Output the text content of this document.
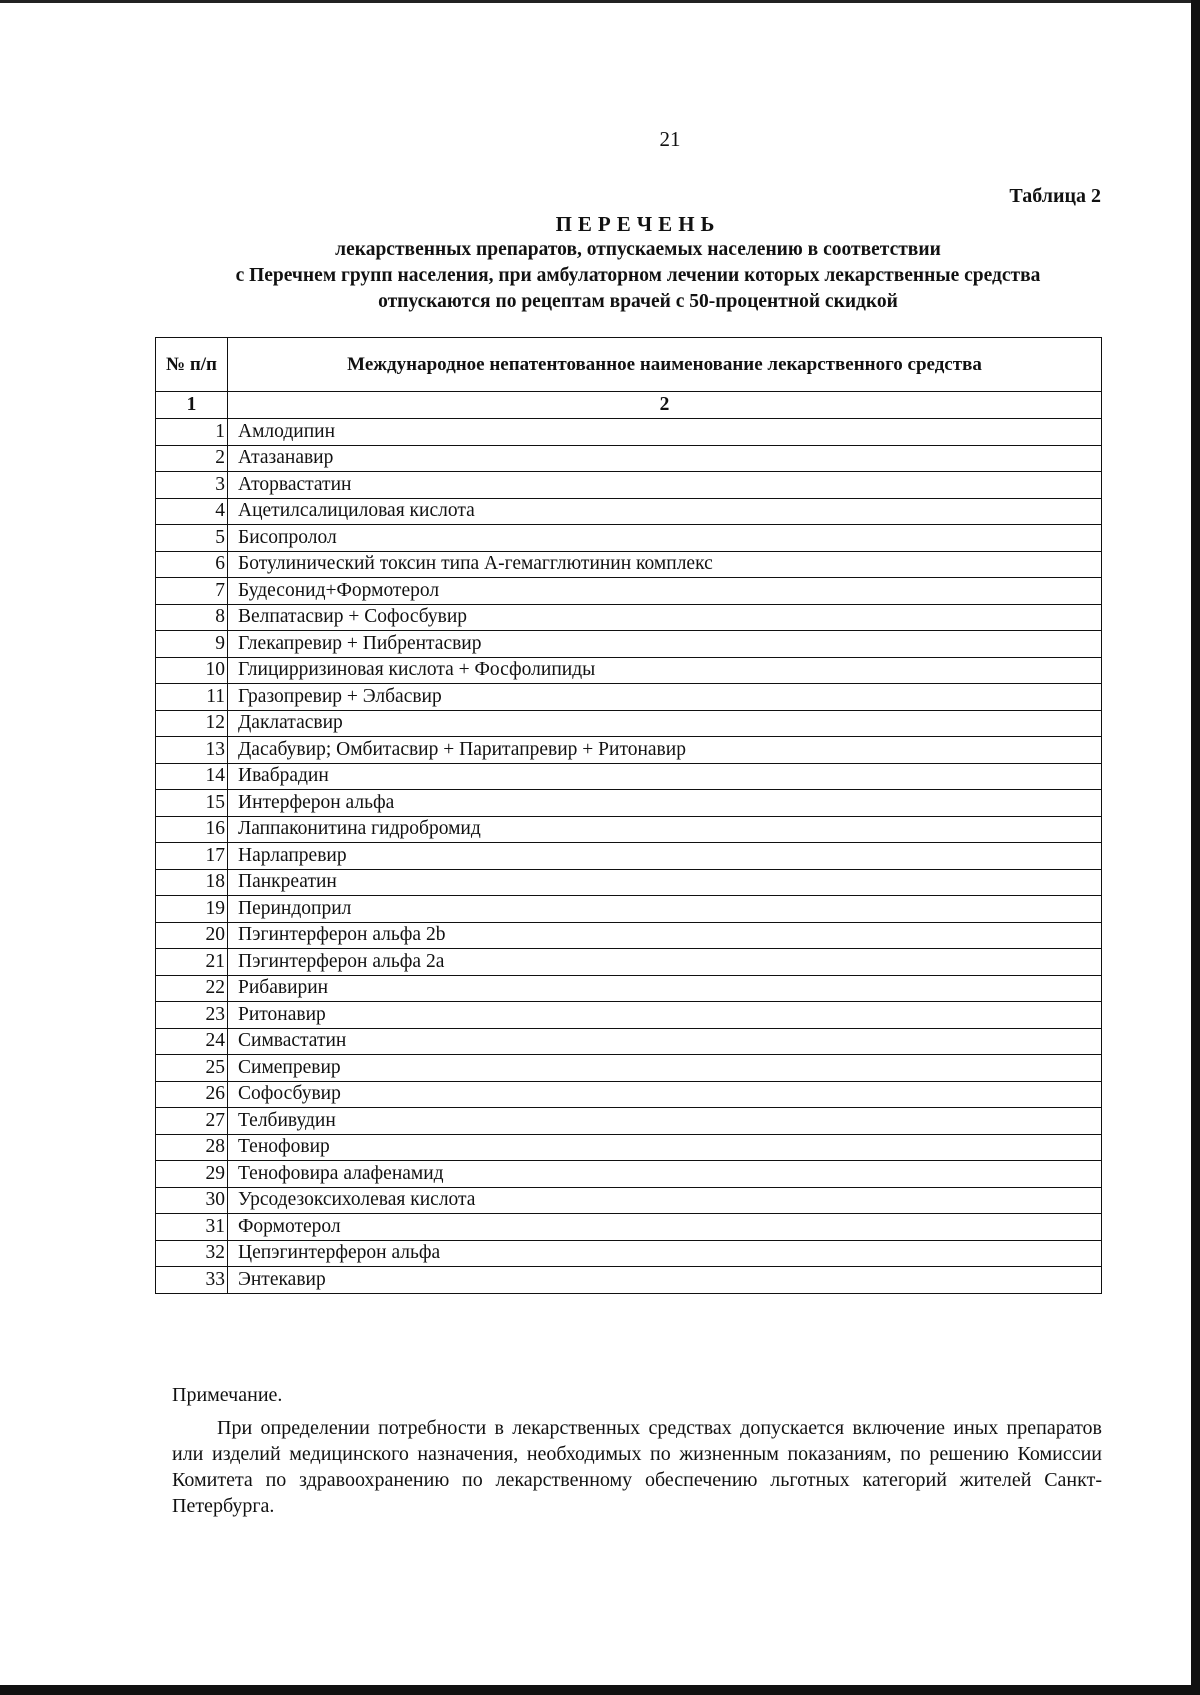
21
Таблица 2
ПЕРЕЧЕНЬ
лекарственных препаратов, отпускаемых населению в соответствии
с Перечнем групп населения, при амбулаторном лечении которых лекарственные средства
отпускаются по рецептам врачей с 50-процентной скидкой
№ п/п	Международное непатентованное наименование лекарственного средства
1	2
1	Амлодипин
2	Атазанавир
3	Аторвастатин
4	Ацетилсалициловая кислота
5	Бисопролол
6	Ботулинический токсин типа А-гемагглютинин комплекс
7	Будесонид+Формотерол
8	Велпатасвир + Софосбувир
9	Глекапревир + Пибрентасвир
10	Глицирризиновая кислота + Фосфолипиды
11	Гразопревир + Элбасвир
12	Даклатасвир
13	Дасабувир; Омбитасвир + Паритапревир + Ритонавир
14	Ивабрадин
15	Интерферон альфа
16	Лаппаконитина гидробромид
17	Нарлапревир
18	Панкреатин
19	Периндоприл
20	Пэгинтерферон альфа 2b
21	Пэгинтерферон альфа 2а
22	Рибавирин
23	Ритонавир
24	Симвастатин
25	Симепревир
26	Софосбувир
27	Телбивудин
28	Тенофовир
29	Тенофовира алафенамид
30	Урсодезоксихолевая кислота
31	Формотерол
32	Цепэгинтерферон альфа
33	Энтекавир
Примечание.
При определении потребности в лекарственных средствах допускается включение иных препаратов или изделий медицинского назначения, необходимых по жизненным показаниям, по решению Комиссии Комитета по здравоохранению по лекарственному обеспечению льготных категорий жителей Санкт-Петербурга.
